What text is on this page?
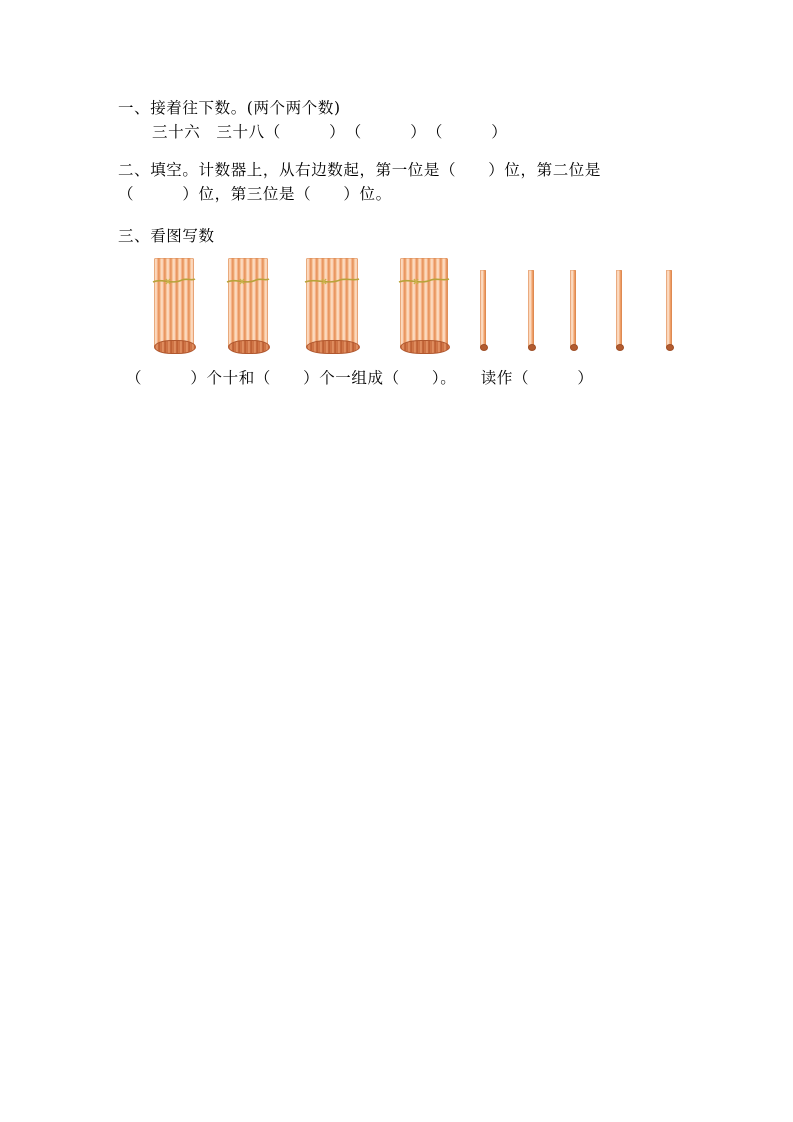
一、接着往下数。(两个两个数)
三十六　三十八（　　　）　（　　　）　（　　　）
二、填空。计数器上，从右边数起，第一位是（　　）位，第二位是
（　　　）位，第三位是（　　）位。
三、看图写数
（　　　）个十和（　　）个一组成（　　）。　　读作（　　　）
